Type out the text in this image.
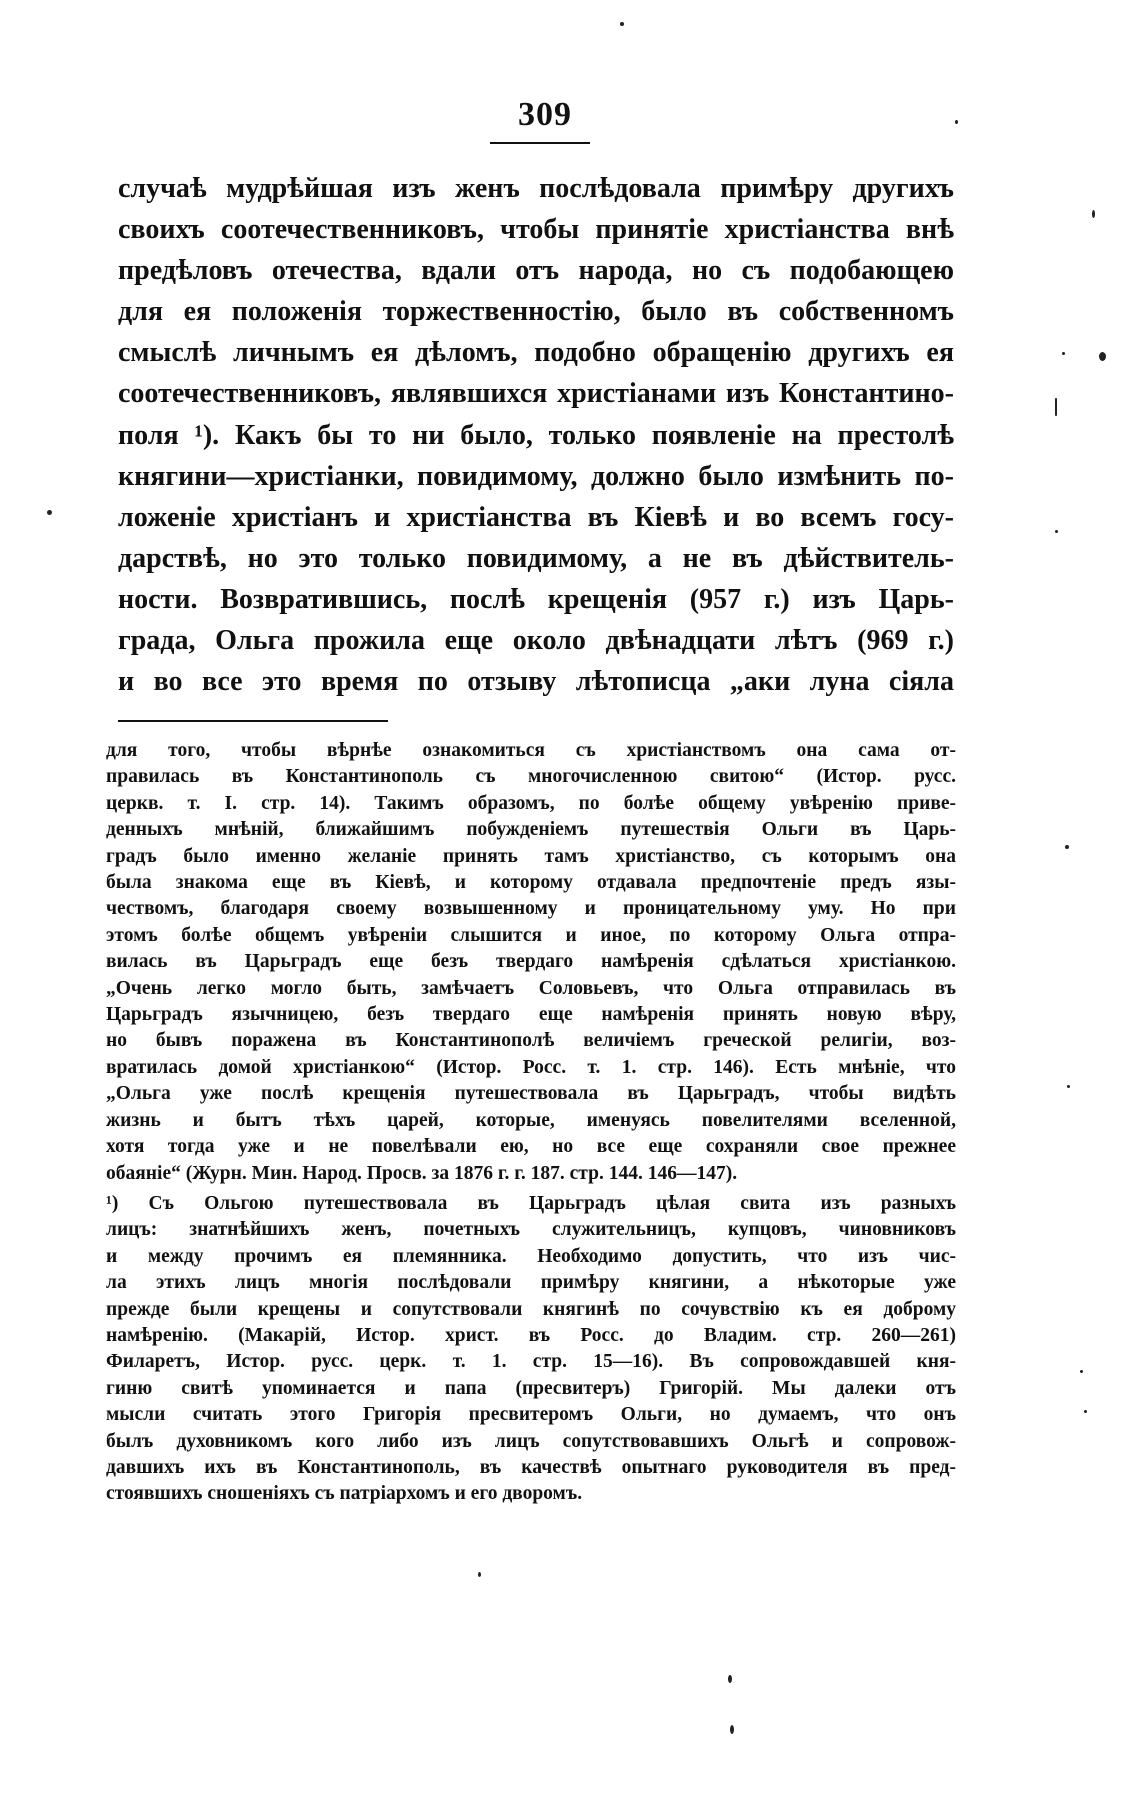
309
случаѣ мудрѣйшая изъ женъ послѣдовала примѣру другихъ
своихъ соотечественниковъ, чтобы принятіе христіанства внѣ
предѣловъ отечества, вдали отъ народа, но съ подобающею
для ея положенія торжественностію, было въ собственномъ
смыслѣ личнымъ ея дѣломъ, подобно обращенію другихъ ея
соотечественниковъ, являвшихся христіанами изъ Константино-
поля ¹). Какъ бы то ни было, только появленіе на престолѣ
княгини—христіанки, повидимому, должно было измѣнить по-
ложеніе христіанъ и христіанства въ Кіевѣ и во всемъ госу-
дарствѣ, но это только повидимому, а не въ дѣйствитель-
ности. Возвратившись, послѣ крещенія (957 г.) изъ Царь-
града, Ольга прожила еще около двѣнадцати лѣтъ (969 г.)
и во все это время по отзыву лѣтописца „аки луна сіяла
для того, чтобы вѣрнѣе ознакомиться съ христіанствомъ она сама от-
правилась въ Константинополь съ многочисленною свитою“ (Истор. русс.
церкв. т. I. стр. 14). Такимъ образомъ, по болѣе общему увѣренію приве-
денныхъ мнѣній, ближайшимъ побужденіемъ путешествія Ольги въ Царь-
градъ было именно желаніе принять тамъ христіанство, съ которымъ она
была знакома еще въ Кіевѣ, и которому отдавала предпочтеніе предъ язы-
чествомъ, благодаря своему возвышенному и проницательному уму. Но при
этомъ болѣе общемъ увѣреніи слышится и иное, по которому Ольга отпра-
вилась въ Царьградъ еще безъ твердаго намѣренія сдѣлаться христіанкою.
„Очень легко могло быть, замѣчаетъ Соловьевъ, что Ольга отправилась въ
Царьградъ язычницею, безъ твердаго еще намѣренія принять новую вѣру,
но бывъ поражена въ Константинополѣ величіемъ греческой религіи, воз-
вратилась домой христіанкою“ (Истор. Росс. т. 1. стр. 146). Есть мнѣніе, что
„Ольга уже послѣ крещенія путешествовала въ Царьградъ, чтобы видѣть
жизнь и бытъ тѣхъ царей, которые, именуясь повелителями вселенной,
хотя тогда уже и не повелѣвали ею, но все еще сохраняли свое прежнее
обаяніе“ (Журн. Мин. Народ. Просв. за 1876 г. г. 187. стр. 144. 146—147).
¹) Съ Ольгою путешествовала въ Царьградъ цѣлая свита изъ разныхъ
лицъ: знатнѣйшихъ женъ, почетныхъ служительницъ, купцовъ, чиновниковъ
и между прочимъ ея племянника. Необходимо допустить, что изъ чис-
ла этихъ лицъ многія послѣдовали примѣру княгини, а нѣкоторые уже
прежде были крещены и сопутствовали княгинѣ по сочувствію къ ея доброму
намѣренію. (Макарій, Истор. христ. въ Росс. до Владим. стр. 260—261)
Филаретъ, Истор. русс. церк. т. 1. стр. 15—16). Въ сопровождавшей кня-
гиню свитѣ упоминается и папа (пресвитеръ) Григорій. Мы далеки отъ
мысли считать этого Григорія пресвитеромъ Ольги, но думаемъ, что онъ
былъ духовникомъ кого либо изъ лицъ сопутствовавшихъ Ольгѣ и сопровож-
давшихъ ихъ въ Константинополь, въ качествѣ опытнаго руководителя въ пред-
стоявшихъ сношеніяхъ съ патріархомъ и его дворомъ.
